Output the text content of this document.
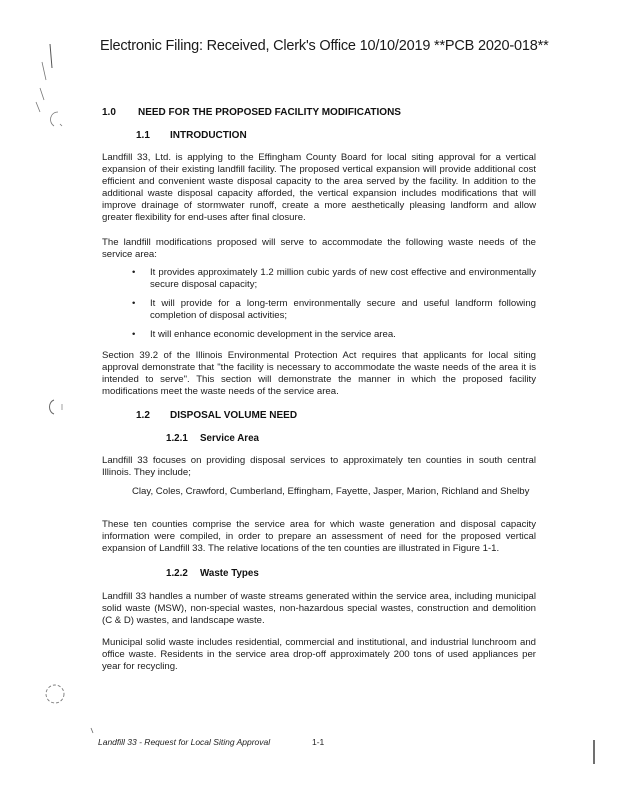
Electronic Filing: Received, Clerk's Office 10/10/2019 **PCB 2020-018**
1.0 NEED FOR THE PROPOSED FACILITY MODIFICATIONS
1.1 INTRODUCTION

Landfill 33, Ltd. is applying to the Effingham County Board for local siting approval for a vertical expansion of their existing landfill facility. The proposed vertical expansion will provide additional cost efficient and convenient waste disposal capacity to the area served by the facility. In addition to the additional waste disposal capacity afforded, the vertical expansion includes modifications that will improve drainage of stormwater runoff, create a more aesthetically pleasing landform and allow greater flexibility for end-uses after final closure.

The landfill modifications proposed will serve to accommodate the following waste needs of the service area:

• It provides approximately 1.2 million cubic yards of new cost effective and environmentally secure disposal capacity;
• It will provide for a long-term environmentally secure and useful landform following completion of disposal activities;
• It will enhance economic development in the service area.

Section 39.2 of the Illinois Environmental Protection Act requires that applicants for local siting approval demonstrate that "the facility is necessary to accommodate the waste needs of the area it is intended to serve". This section will demonstrate the manner in which the proposed facility modifications meet the waste needs of the service area.

1.2 DISPOSAL VOLUME NEED
1.2.1 Service Area

Landfill 33 focuses on providing disposal services to approximately ten counties in south central Illinois. They include;

Clay, Coles, Crawford, Cumberland, Effingham, Fayette, Jasper, Marion, Richland and Shelby

These ten counties comprise the service area for which waste generation and disposal capacity information were compiled, in order to prepare an assessment of need for the proposed vertical expansion of Landfill 33. The relative locations of the ten counties are illustrated in Figure 1-1.

1.2.2 Waste Types

Landfill 33 handles a number of waste streams generated within the service area, including municipal solid waste (MSW), non-special wastes, non-hazardous special wastes, construction and demolition (C & D) wastes, and landscape waste.

Municipal solid waste includes residential, commercial and institutional, and industrial lunchroom and office waste. Residents in the service area drop-off approximately 200 tons of used appliances per year for recycling.

Landfill 33 - Request for Local Siting Approval	1-1
